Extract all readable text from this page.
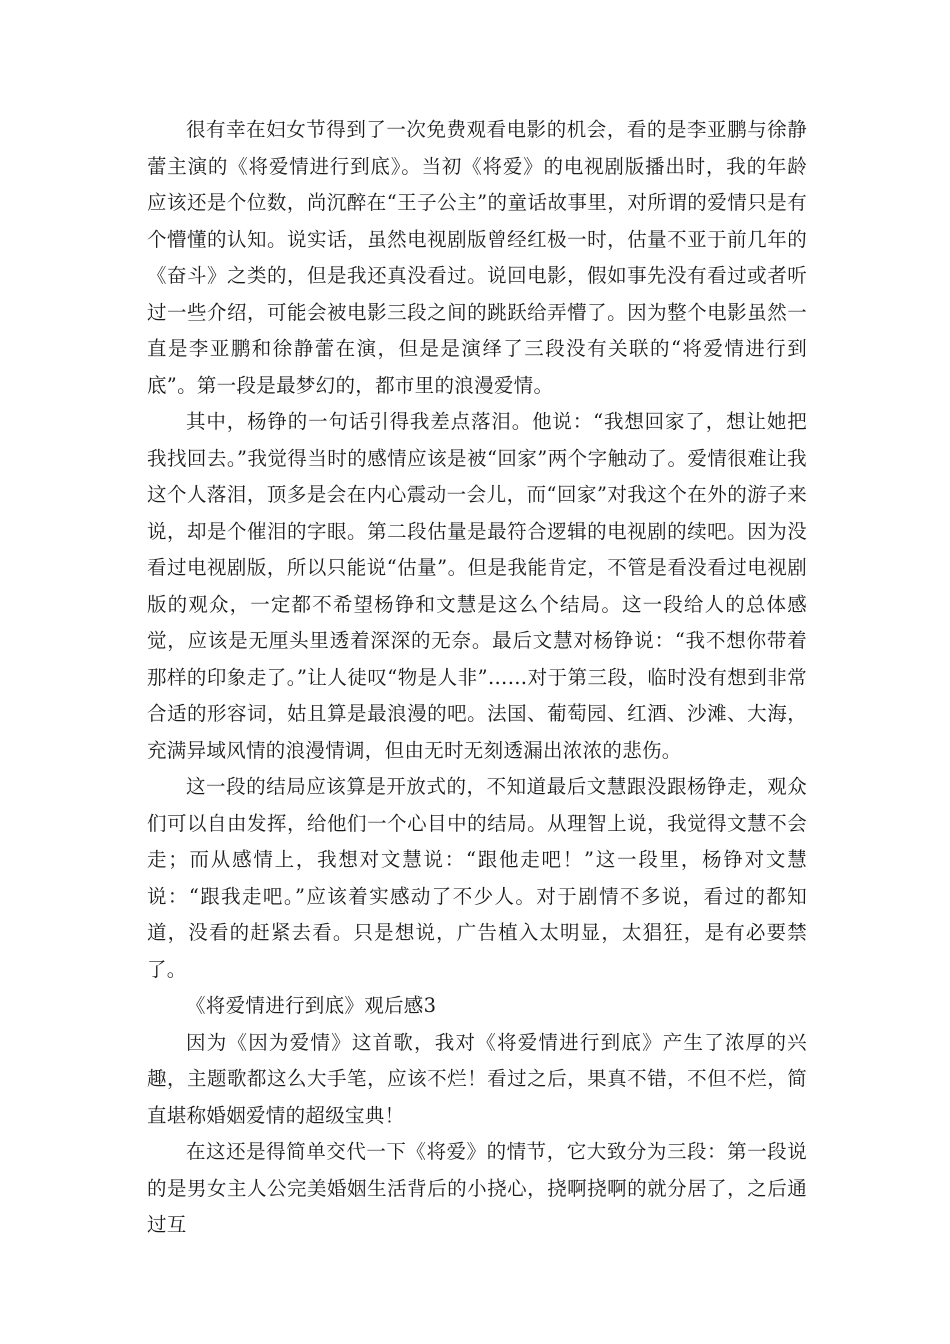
很有幸在妇女节得到了一次免费观看电影的机会，看的是李亚鹏与徐静蕾主演的《将爱情进行到底》。当初《将爱》的电视剧版播出时，我的年龄应该还是个位数，尚沉醉在“王子公主”的童话故事里，对所谓的爱情只是有个懵懂的认知。说实话，虽然电视剧版曾经红极一时，估量不亚于前几年的《奋斗》之类的，但是我还真没看过。说回电影，假如事先没有看过或者听过一些介绍，可能会被电影三段之间的跳跃给弄懵了。因为整个电影虽然一直是李亚鹏和徐静蕾在演，但是是演绎了三段没有关联的“将爱情进行到底”。第一段是最梦幻的，都市里的浪漫爱情。

其中，杨铮的一句话引得我差点落泪。他说：“我想回家了，想让她把我找回去。”我觉得当时的感情应该是被“回家”两个字触动了。爱情很难让我这个人落泪，顶多是会在内心震动一会儿，而“回家”对我这个在外的游子来说，却是个催泪的字眼。第二段估量是最符合逻辑的电视剧的续吧。因为没看过电视剧版，所以只能说“估量”。但是我能肯定，不管是看没看过电视剧版的观众，一定都不希望杨铮和文慧是这么个结局。这一段给人的总体感觉，应该是无厘头里透着深深的无奈。最后文慧对杨铮说：“我不想你带着那样的印象走了。”让人徒叹“物是人非”……对于第三段，临时没有想到非常合适的形容词，姑且算是最浪漫的吧。法国、葡萄园、红酒、沙滩、大海，充满异域风情的浪漫情调，但由无时无刻透漏出浓浓的悲伤。

这一段的结局应该算是开放式的，不知道最后文慧跟没跟杨铮走，观众们可以自由发挥，给他们一个心目中的结局。从理智上说，我觉得文慧不会走；而从感情上，我想对文慧说：“跟他走吧！”这一段里，杨铮对文慧说：“跟我走吧。”应该着实感动了不少人。对于剧情不多说，看过的都知道，没看的赶紧去看。只是想说，广告植入太明显，太猖狂，是有必要禁了。

《将爱情进行到底》观后感3

因为《因为爱情》这首歌，我对《将爱情进行到底》产生了浓厚的兴趣，主题歌都这么大手笔，应该不烂！看过之后，果真不错，不但不烂，简直堪称婚姻爱情的超级宝典！

在这还是得简单交代一下《将爱》的情节，它大致分为三段：第一段说的是男女主人公完美婚姻生活背后的小挠心，挠啊挠啊的就分居了，之后通过互
